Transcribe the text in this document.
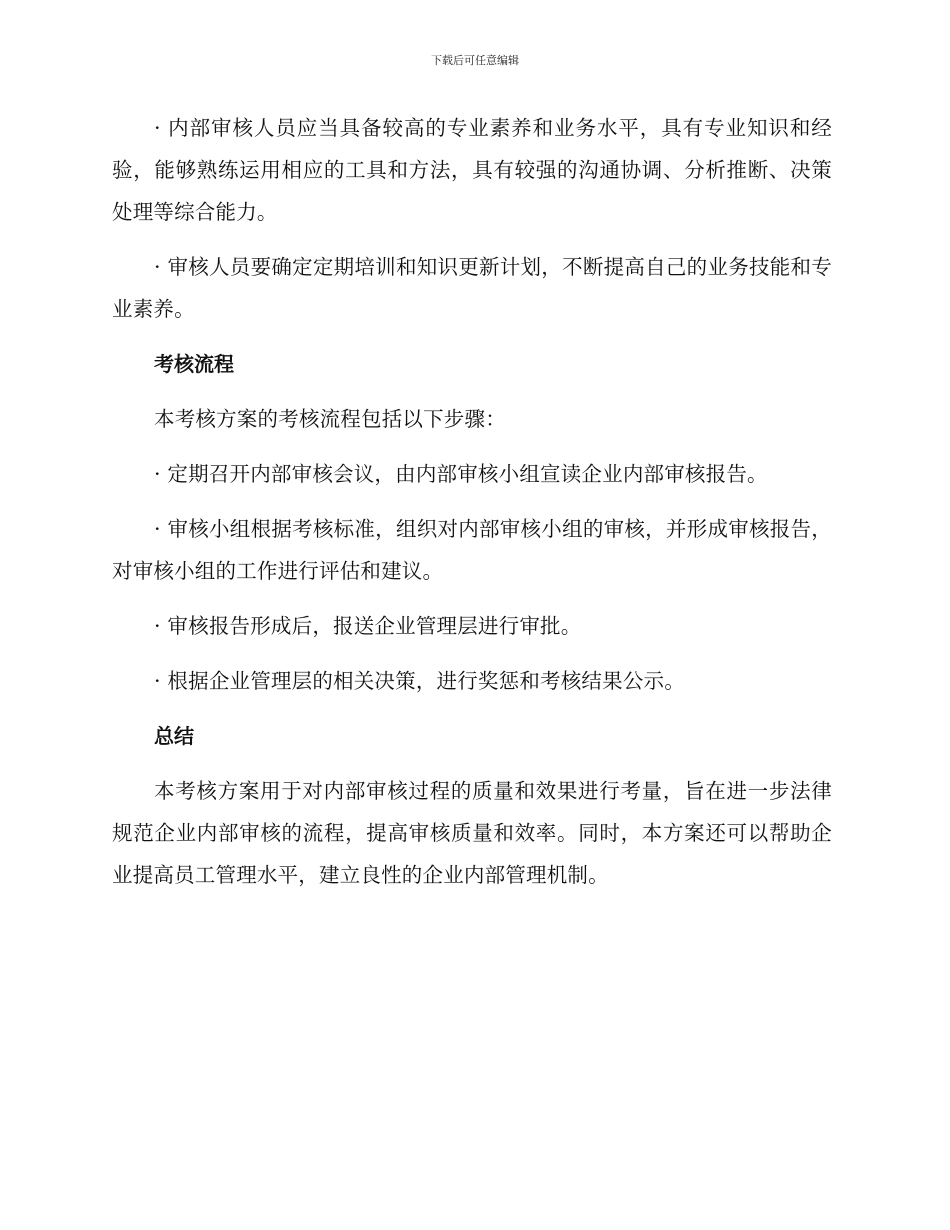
下载后可任意编辑

· 内部审核人员应当具备较高的专业素养和业务水平，具有专业知识和经验，能够熟练运用相应的工具和方法，具有较强的沟通协调、分析推断、决策处理等综合能力。

· 审核人员要确定定期培训和知识更新计划，不断提高自己的业务技能和专业素养。

考核流程

本考核方案的考核流程包括以下步骤：

· 定期召开内部审核会议，由内部审核小组宣读企业内部审核报告。

· 审核小组根据考核标准，组织对内部审核小组的审核，并形成审核报告，对审核小组的工作进行评估和建议。

· 审核报告形成后，报送企业管理层进行审批。

· 根据企业管理层的相关决策，进行奖惩和考核结果公示。

总结

本考核方案用于对内部审核过程的质量和效果进行考量，旨在进一步法律规范企业内部审核的流程，提高审核质量和效率。同时，本方案还可以帮助企业提高员工管理水平，建立良性的企业内部管理机制。
